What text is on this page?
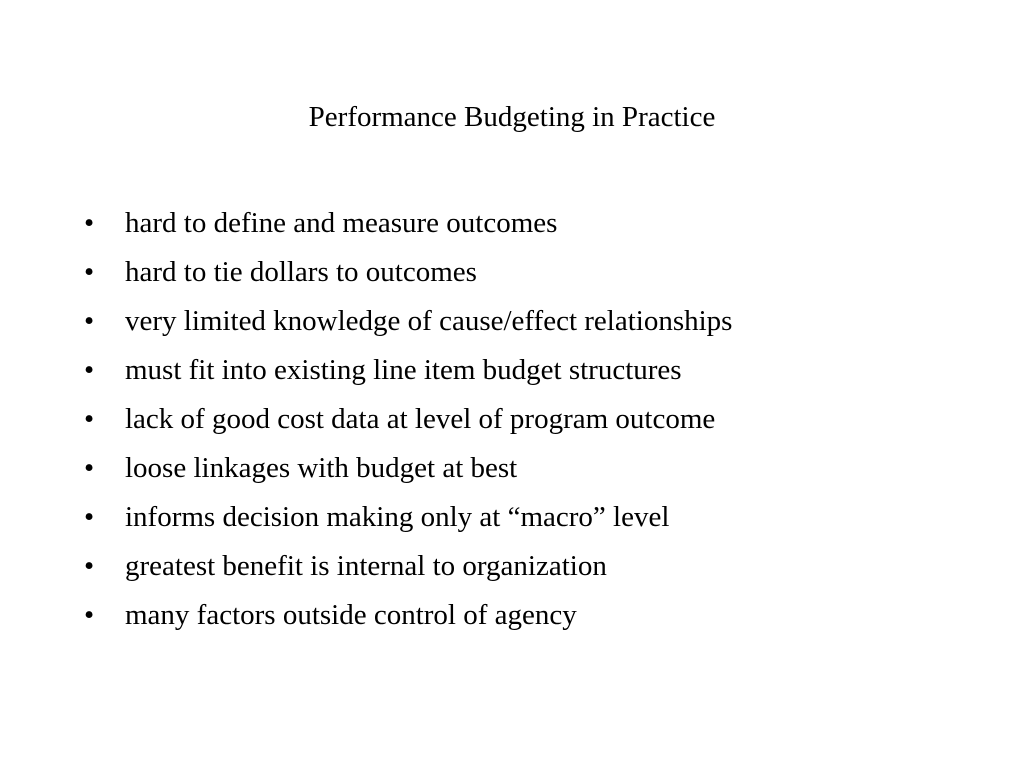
Performance Budgeting in Practice
•	hard to define and measure outcomes
•	hard to tie dollars to outcomes
•	very limited knowledge of cause/effect relationships
•	must fit into existing line item budget structures
•	lack of good cost data at level of program outcome
•	loose linkages with budget at best
•	informs decision making only at “macro” level
•	greatest benefit is internal to organization
•	many factors outside control of agency
